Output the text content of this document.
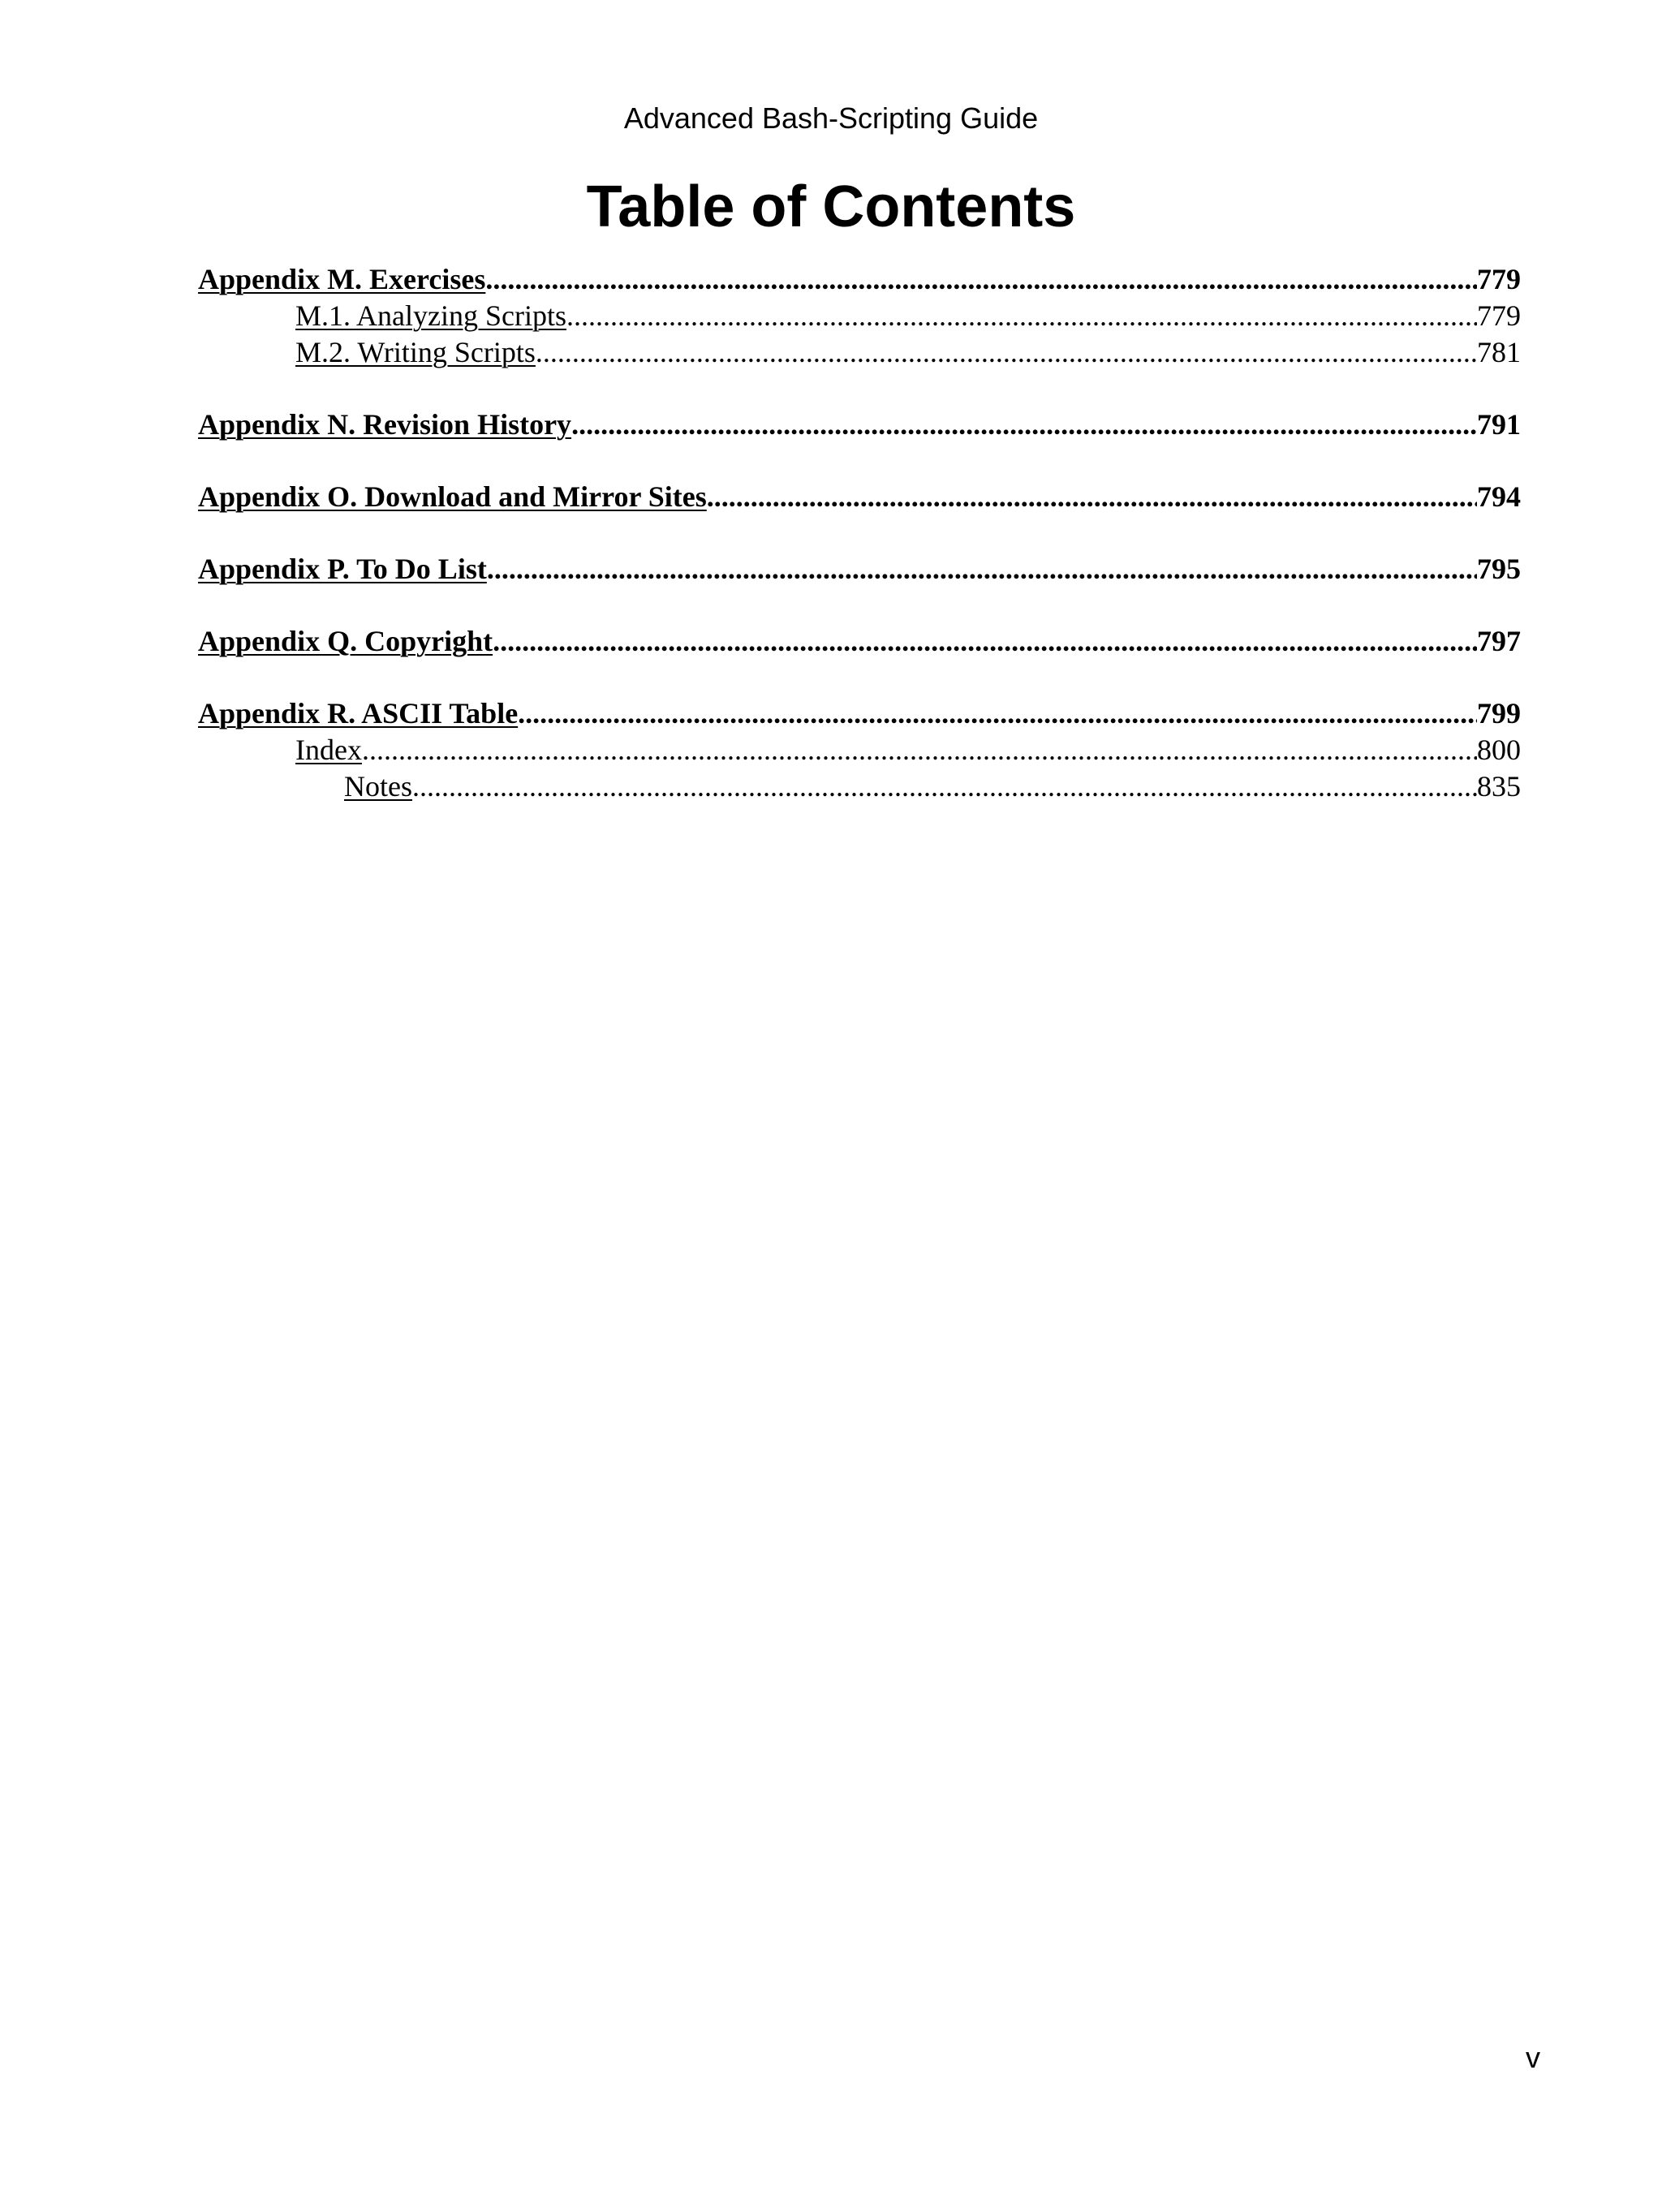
Advanced Bash-Scripting Guide
Table of Contents
Appendix M. Exercises .....	779
M.1. Analyzing Scripts .....	779
M.2. Writing Scripts .....	781
Appendix N. Revision History .....	791
Appendix O. Download and Mirror Sites .....	794
Appendix P. To Do List .....	795
Appendix Q. Copyright .....	797
Appendix R. ASCII Table .....	799
Index .....	800
Notes .....	835
v
